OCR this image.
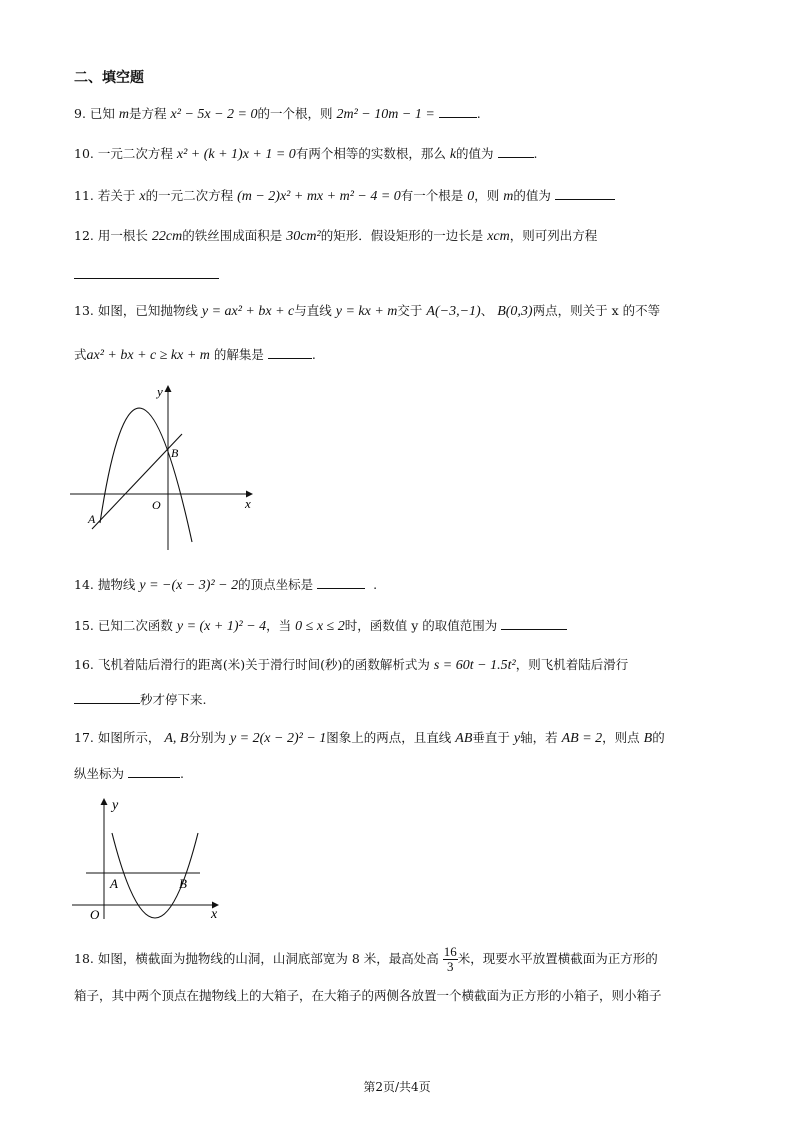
二、填空题
9. 已知 m是方程 x² − 5x − 2 = 0的一个根，则 2m² − 10m − 1 =	.
10. 一元二次方程 x² + (k + 1)x + 1 = 0有两个相等的实数根，那么 k的值为	.
11. 若关于 x的一元二次方程 (m − 2)x² + mx + m² − 4 = 0有一个根是 0，则 m的值为
12. 用一根长 22cm的铁丝围成面积是 30cm²的矩形．假设矩形的一边长是 xcm，则可列出方程
13. 如图，已知抛物线 y = ax² + bx + c与直线 y = kx + m交于 A(−3,−1)、 B(0,3)两点，则关于 x 的不等
式ax² + bx + c ≥ kx + m 的解集是	.
y
x
O
A
B
14. 抛物线 y = −(x − 3)² − 2的顶点坐标是	.
15. 已知二次函数 y = (x + 1)² − 4，当 0 ≤ x ≤ 2时，函数值 y 的取值范围为
16. 飞机着陆后滑行的距离(米)关于滑行时间(秒)的函数解析式为 s = 60t − 1.5t²，则飞机着陆后滑行
秒才停下来.
17. 如图所示， A, B分别为 y = 2(x − 2)² − 1图象上的两点，且直线 AB垂直于 y轴，若 AB = 2，则点 B的
纵坐标为	.
y
x
O
A	B
18. 如图，横截面为抛物线的山洞，山洞底部宽为 8 米，最高处高 $\frac{16}{3}$ 米，现要水平放置横截面为正方形的
箱子，其中两个顶点在抛物线上的大箱子，在大箱子的两侧各放置一个横截面为正方形的小箱子，则小箱子
第2页/共4页
